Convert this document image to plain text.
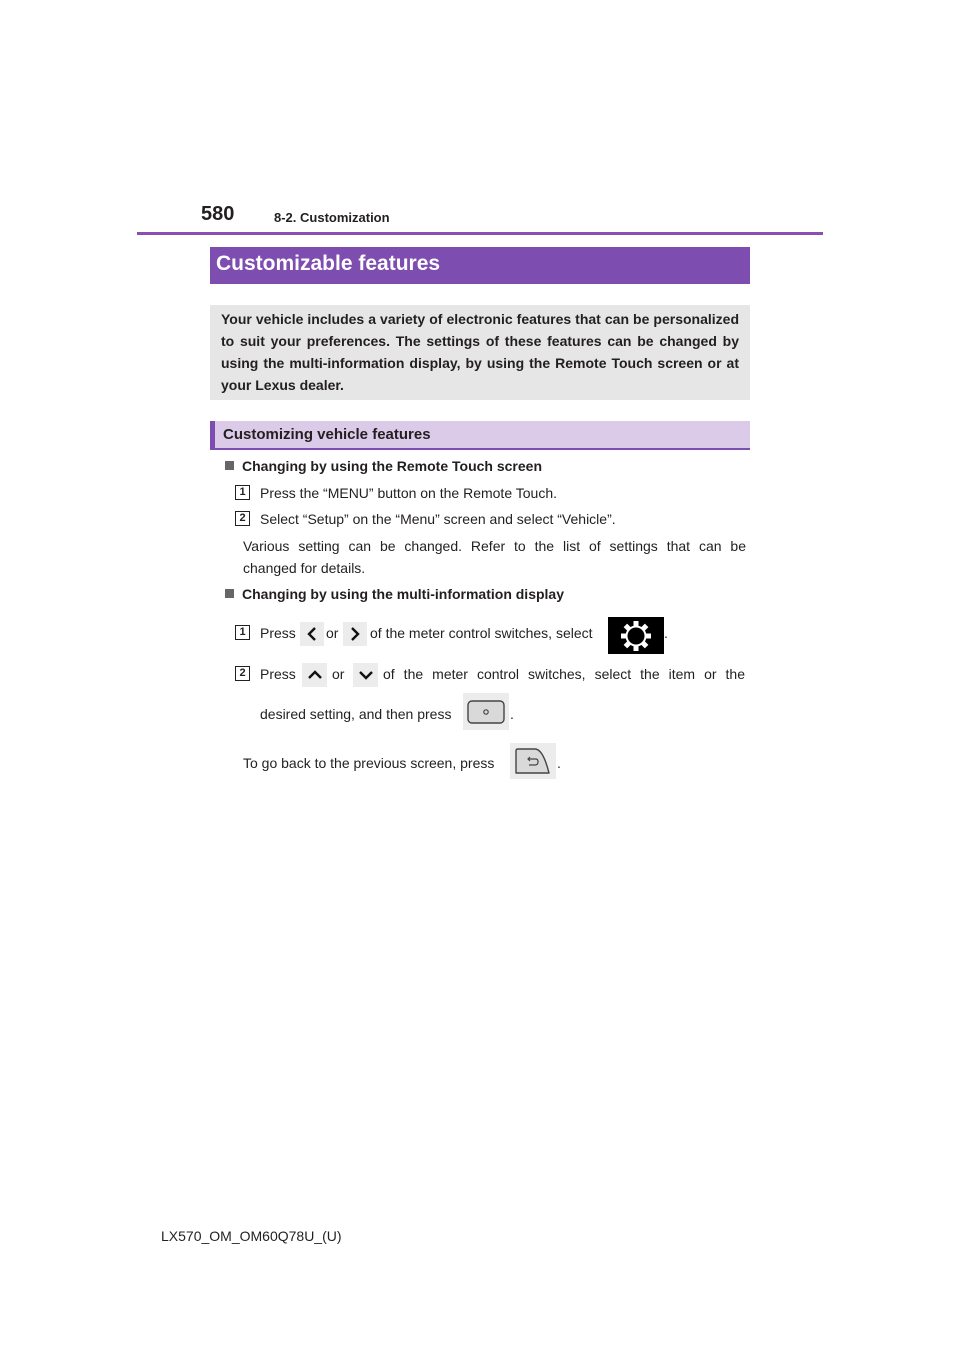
580	8-2. Customization
Customizable features

Your vehicle includes a variety of electronic features that can be personalized

to suit your preferences. The settings of these features can be changed by

using the multi-information display, by using the Remote Touch screen or at

your Lexus dealer.

Customizing vehicle features
Changing by using the Remote Touch screen
1	Press the “MENU” button on the Remote Touch.
2	Select “Setup” on the “Menu” screen and select “Vehicle”.
Various setting can be changed. Refer to the list of settings that can be
changed for details.
Changing by using the multi-information display
1	Press or of the meter control switches, select	.
2	Press	or	of the meter control switches, select the item or the
desired setting, and then press	.
To go back to the previous screen, press	.
LX570_OM_OM60Q78U_(U)
